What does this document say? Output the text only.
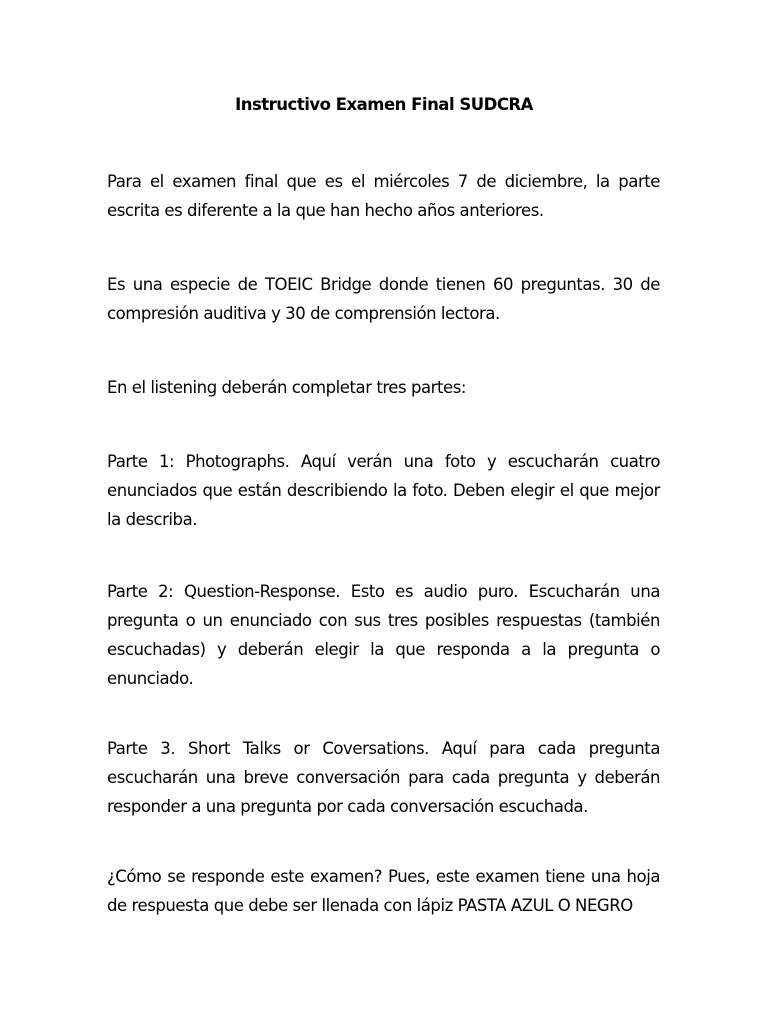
Instructivo Examen Final SUDCRA

Para el examen final que es el miércoles 7 de diciembre, la parte escrita es diferente a la que han hecho años anteriores.

Es una especie de TOEIC Bridge donde tienen 60 preguntas. 30 de compresión auditiva y 30 de comprensión lectora.

En el listening deberán completar tres partes:

Parte 1: Photographs. Aquí verán una foto y escucharán cuatro enunciados que están describiendo la foto. Deben elegir el que mejor la describa.

Parte 2: Question-Response. Esto es audio puro. Escucharán una pregunta o un enunciado con sus tres posibles respuestas (también escuchadas) y deberán elegir la que responda a la pregunta o enunciado.

Parte 3. Short Talks or Coversations. Aquí para cada pregunta escucharán una breve conversación para cada pregunta y deberán responder a una pregunta por cada conversación escuchada.

¿Cómo se responde este examen? Pues, este examen tiene una hoja de respuesta que debe ser llenada con lápiz PASTA AZUL O NEGRO
